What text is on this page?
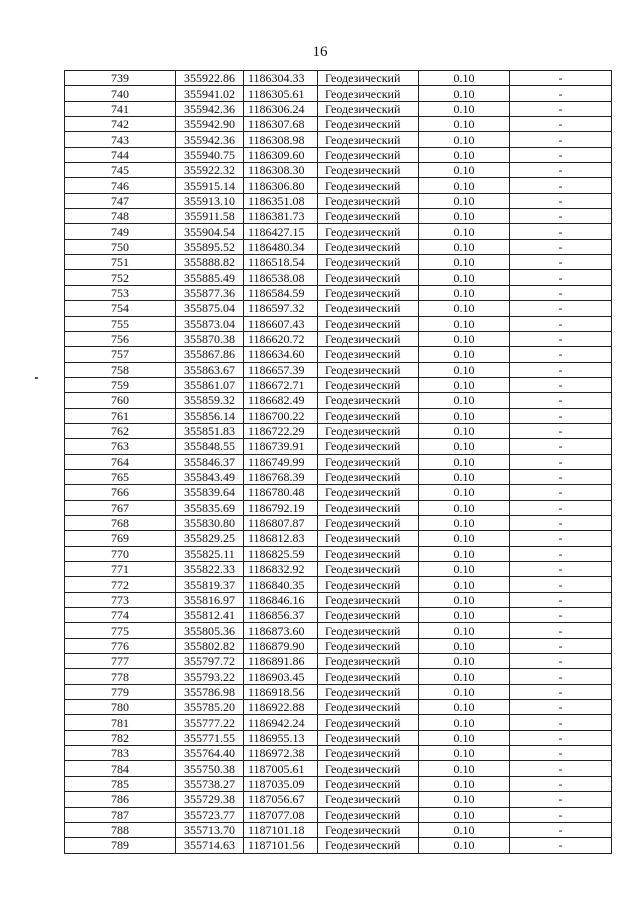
16
739	355922.86	1186304.33	Геодезический	0.10	-
740	355941.02	1186305.61	Геодезический	0.10	-
741	355942.36	1186306.24	Геодезический	0.10	-
742	355942.90	1186307.68	Геодезический	0.10	-
743	355942.36	1186308.98	Геодезический	0.10	-
744	355940.75	1186309.60	Геодезический	0.10	-
745	355922.32	1186308.30	Геодезический	0.10	-
746	355915.14	1186306.80	Геодезический	0.10	-
747	355913.10	1186351.08	Геодезический	0.10	-
748	355911.58	1186381.73	Геодезический	0.10	-
749	355904.54	1186427.15	Геодезический	0.10	-
750	355895.52	1186480.34	Геодезический	0.10	-
751	355888.82	1186518.54	Геодезический	0.10	-
752	355885.49	1186538.08	Геодезический	0.10	-
753	355877.36	1186584.59	Геодезический	0.10	-
754	355875.04	1186597.32	Геодезический	0.10	-
755	355873.04	1186607.43	Геодезический	0.10	-
756	355870.38	1186620.72	Геодезический	0.10	-
757	355867.86	1186634.60	Геодезический	0.10	-
758	355863.67	1186657.39	Геодезический	0.10	-
759	355861.07	1186672.71	Геодезический	0.10	-
760	355859.32	1186682.49	Геодезический	0.10	-
761	355856.14	1186700.22	Геодезический	0.10	-
762	355851.83	1186722.29	Геодезический	0.10	-
763	355848.55	1186739.91	Геодезический	0.10	-
764	355846.37	1186749.99	Геодезический	0.10	-
765	355843.49	1186768.39	Геодезический	0.10	-
766	355839.64	1186780.48	Геодезический	0.10	-
767	355835.69	1186792.19	Геодезический	0.10	-
768	355830.80	1186807.87	Геодезический	0.10	-
769	355829.25	1186812.83	Геодезический	0.10	-
770	355825.11	1186825.59	Геодезический	0.10	-
771	355822.33	1186832.92	Геодезический	0.10	-
772	355819.37	1186840.35	Геодезический	0.10	-
773	355816.97	1186846.16	Геодезический	0.10	-
774	355812.41	1186856.37	Геодезический	0.10	-
775	355805.36	1186873.60	Геодезический	0.10	-
776	355802.82	1186879.90	Геодезический	0.10	-
777	355797.72	1186891.86	Геодезический	0.10	-
778	355793.22	1186903.45	Геодезический	0.10	-
779	355786.98	1186918.56	Геодезический	0.10	-
780	355785.20	1186922.88	Геодезический	0.10	-
781	355777.22	1186942.24	Геодезический	0.10	-
782	355771.55	1186955.13	Геодезический	0.10	-
783	355764.40	1186972.38	Геодезический	0.10	-
784	355750.38	1187005.61	Геодезический	0.10	-
785	355738.27	1187035.09	Геодезический	0.10	-
786	355729.38	1187056.67	Геодезический	0.10	-
787	355723.77	1187077.08	Геодезический	0.10	-
788	355713.70	1187101.18	Геодезический	0.10	-
789	355714.63	1187101.56	Геодезический	0.10	-
